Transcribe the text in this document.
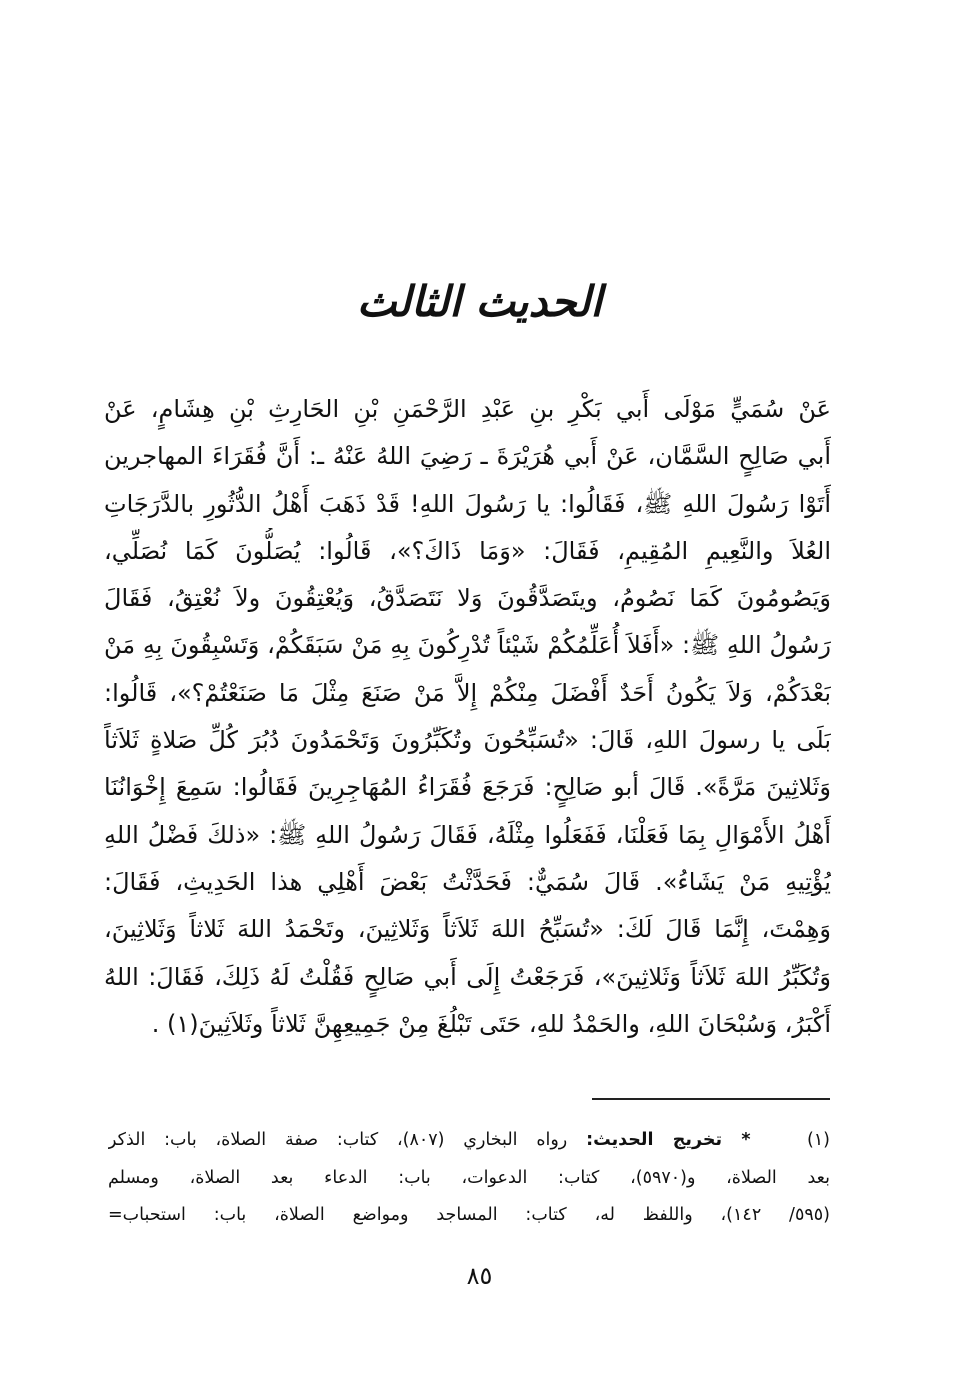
الحديث الثالث
عَنْ سُمَيٍّ مَوْلَى أَبي بَكْرِ بنِ عَبْدِ الرَّحْمَنِ بْنِ الحَارِثِ بْنِ هِشَامٍ، عَنْ
أَبي صَالِحٍ السَّمَّان، عَنْ أَبي هُرَيْرَةَ ـ رَضِيَ اللهُ عَنْهُ ـ: أَنَّ فُقَرَاءَ المهاجرين
أَتَوْا رَسُولَ اللهِ ﷺ، فَقَالُوا: يا رَسُولَ اللهِ! قَدْ ذَهَبَ أَهْلُ الدُّثُورِ بالدَّرَجَاتِ
العُلاَ والنَّعِيمِ المُقِيمِ، فَقَالَ: «وَمَا ذَاكَ؟»، قَالُوا: يُصَلُّونَ كَمَا نُصَلِّي،
وَيَصُومُونَ كَمَا نَصُومُ، ويتَصَدَّقُونَ وَلا نَتَصَدَّقُ، وَيُعْتِقُونَ ولاَ نُعْتِقُ، فَقَالَ
رَسُولُ اللهِ ﷺ: «أَفَلاَ أُعَلِّمُكُمْ شَيْئاً تُدْرِكُونَ بِهِ مَنْ سَبَقَكُمْ، وَتَسْبِقُونَ بِهِ مَنْ
بَعْدَكُمْ، وَلاَ يَكُونُ أَحَدٌ أَفْضَلَ مِنْكُمْ إِلاَّ مَنْ صَنَعَ مِثْلَ مَا صَنَعْتُمْ؟»، قَالُوا:
بَلَى يا رسولَ اللهِ، قَالَ: «تُسَبِّحُونَ وتُكَبِّرُونَ وَتَحْمَدُونَ دُبُرَ كُلِّ صَلاةٍ ثَلاَثاً
وَثَلاثِينَ مَرَّةً». قَالَ أبو صَالِحٍ: فَرَجَعَ فُقَرَاءُ المُهَاجِرِينَ فَقَالُوا: سَمِعَ إِخْوَانُنَا
أَهْلُ الأَمْوَالِ بِمَا فَعَلْنَا، فَفَعَلُوا مِثْلَهُ، فَقَالَ رَسُولُ اللهِ ﷺ: «ذلكَ فَضْلُ اللهِ
يُؤْتِيهِ مَنْ يَشَاءُ». قَالَ سُمَيٌّ: فَحَدَّثْتُ بَعْضَ أَهْلِي هذا الحَدِيثِ، فَقَالَ:
وَهِمْتَ، إِنَّمَا قَالَ لَكَ: «تُسَبِّحُ اللهَ ثَلاَثاً وَثَلاثِينَ، وتَحْمَدُ اللهَ ثَلاثاً وَثَلاثِينَ،
وَتُكَبِّرُ اللهَ ثَلاَثاً وَثَلاثِينَ»، فَرَجَعْتُ إِلَى أَبي صَالِحٍ فَقُلْتُ لَهُ ذَلِكَ، فَقَالَ: اللهُ
أَكْبَرُ، وَسُبْحَانَ اللهِ، والحَمْدُ للهِ، حَتَى تَبْلُغَ مِنْ جَمِيعِهِنَّ ثَلاثاً وثَلاَثِينَ(١) .
(١)   * تخريج الحديث: رواه البخاري (٨٠٧)، كتاب: صفة الصلاة، باب: الذكر
بعد الصلاة، و(٥٩٧٠)، كتاب: الدعوات، باب: الدعاء بعد الصلاة، ومسلم
(٥٩٥/ ١٤٢)، واللفظ له، كتاب: المساجد ومواضع الصلاة، باب: استحباب=
٨٥
